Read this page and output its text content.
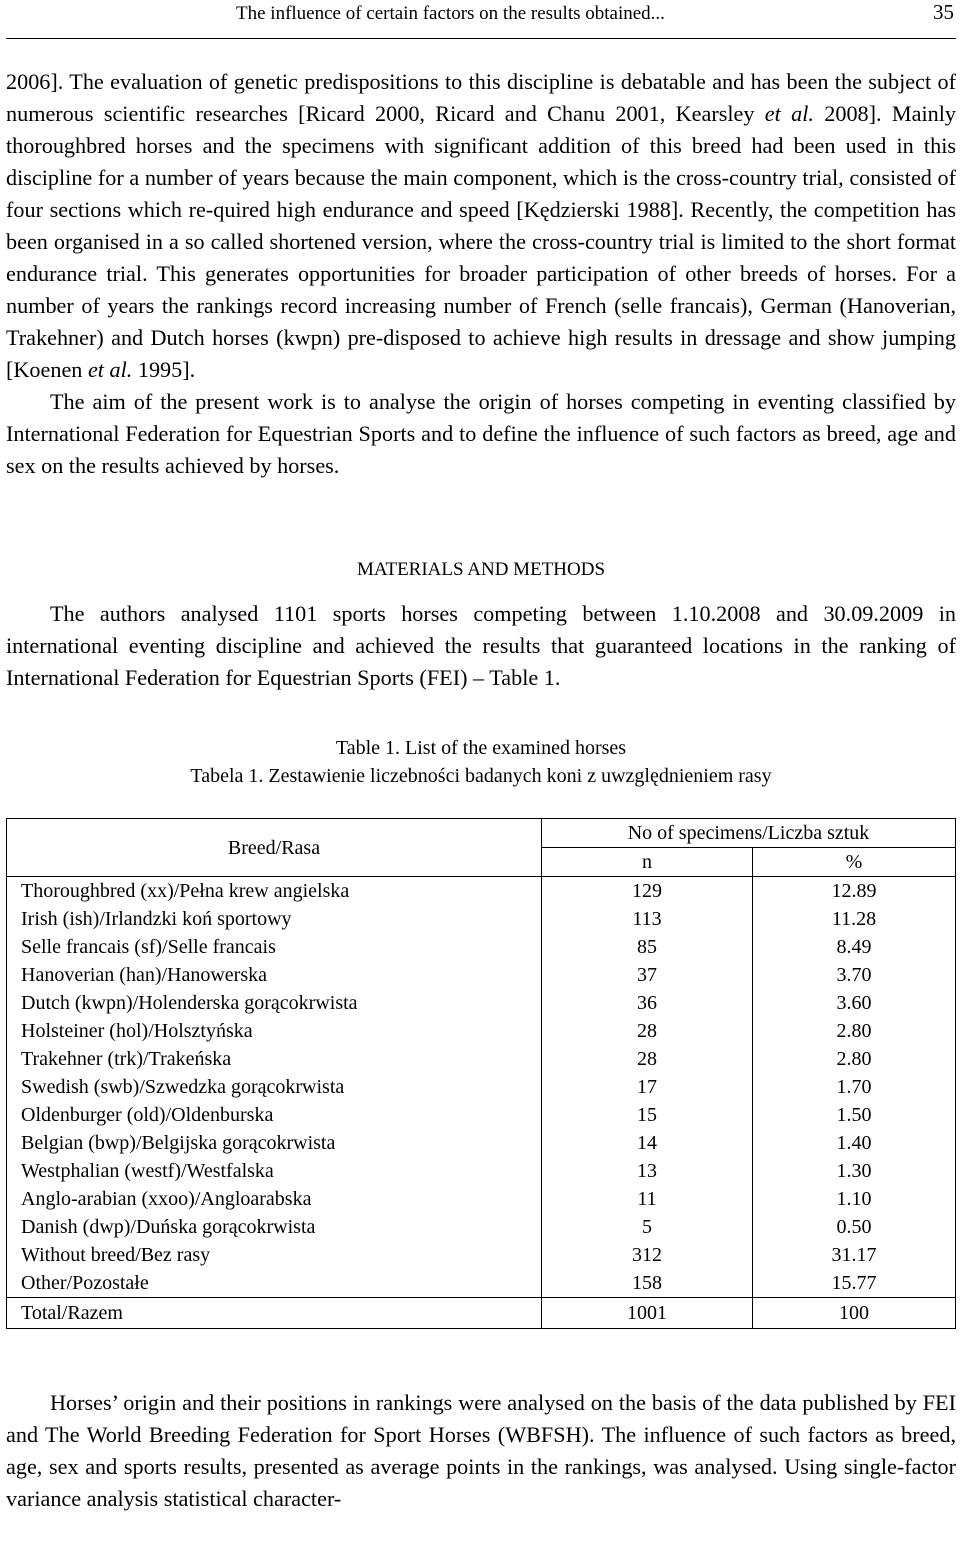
The influence of certain factors on the results obtained...	35

2006]. The evaluation of genetic predispositions to this discipline is debatable and has been the subject of numerous scientific researches [Ricard 2000, Ricard and Chanu 2001, Kearsley et al. 2008]. Mainly thoroughbred horses and the specimens with significant addition of this breed had been used in this discipline for a number of years because the main component, which is the cross-country trial, consisted of four sections which re-quired high endurance and speed [Kędzierski 1988]. Recently, the competition has been organised in a so called shortened version, where the cross-country trial is limited to the short format endurance trial. This generates opportunities for broader participation of other breeds of horses. For a number of years the rankings record increasing number of French (selle francais), German (Hanoverian, Trakehner) and Dutch horses (kwpn) pre-disposed to achieve high results in dressage and show jumping [Koenen et al. 1995].

The aim of the present work is to analyse the origin of horses competing in eventing classified by International Federation for Equestrian Sports and to define the influence of such factors as breed, age and sex on the results achieved by horses.

MATERIALS AND METHODS

The authors analysed 1101 sports horses competing between 1.10.2008 and 30.09.2009 in international eventing discipline and achieved the results that guaranteed locations in the ranking of International Federation for Equestrian Sports (FEI) – Table 1.

Table 1. List of the examined horses
Tabela 1. Zestawienie liczebności badanych koni z uwzględnieniem rasy
Breed/Rasa	No of specimens/Liczba sztuk	
	n	%
Thoroughbred (xx)/Pełna krew angielska	129	12.89
Irish (ish)/Irlandzki koń sportowy	113	11.28
Selle francais (sf)/Selle francais	85	8.49
Hanoverian (han)/Hanowerska	37	3.70
Dutch (kwpn)/Holenderska gorącokrwista	36	3.60
Holsteiner (hol)/Holsztyńska	28	2.80
Trakehner (trk)/Trakeńska	28	2.80
Swedish (swb)/Szwedzka gorącokrwista	17	1.70
Oldenburger (old)/Oldenburska	15	1.50
Belgian (bwp)/Belgijska gorącokrwista	14	1.40
Westphalian (westf)/Westfalska	13	1.30
Anglo-arabian (xxoo)/Angloarabska	11	1.10
Danish (dwp)/Duńska gorącokrwista	5	0.50
Without breed/Bez rasy	312	31.17
Other/Pozostałe	158	15.77
Total/Razem	1001	100

Horses’ origin and their positions in rankings were analysed on the basis of the data published by FEI and The World Breeding Federation for Sport Horses (WBFSH). The influence of such factors as breed, age, sex and sports results, presented as average points in the rankings, was analysed. Using single-factor variance analysis statistical character-
